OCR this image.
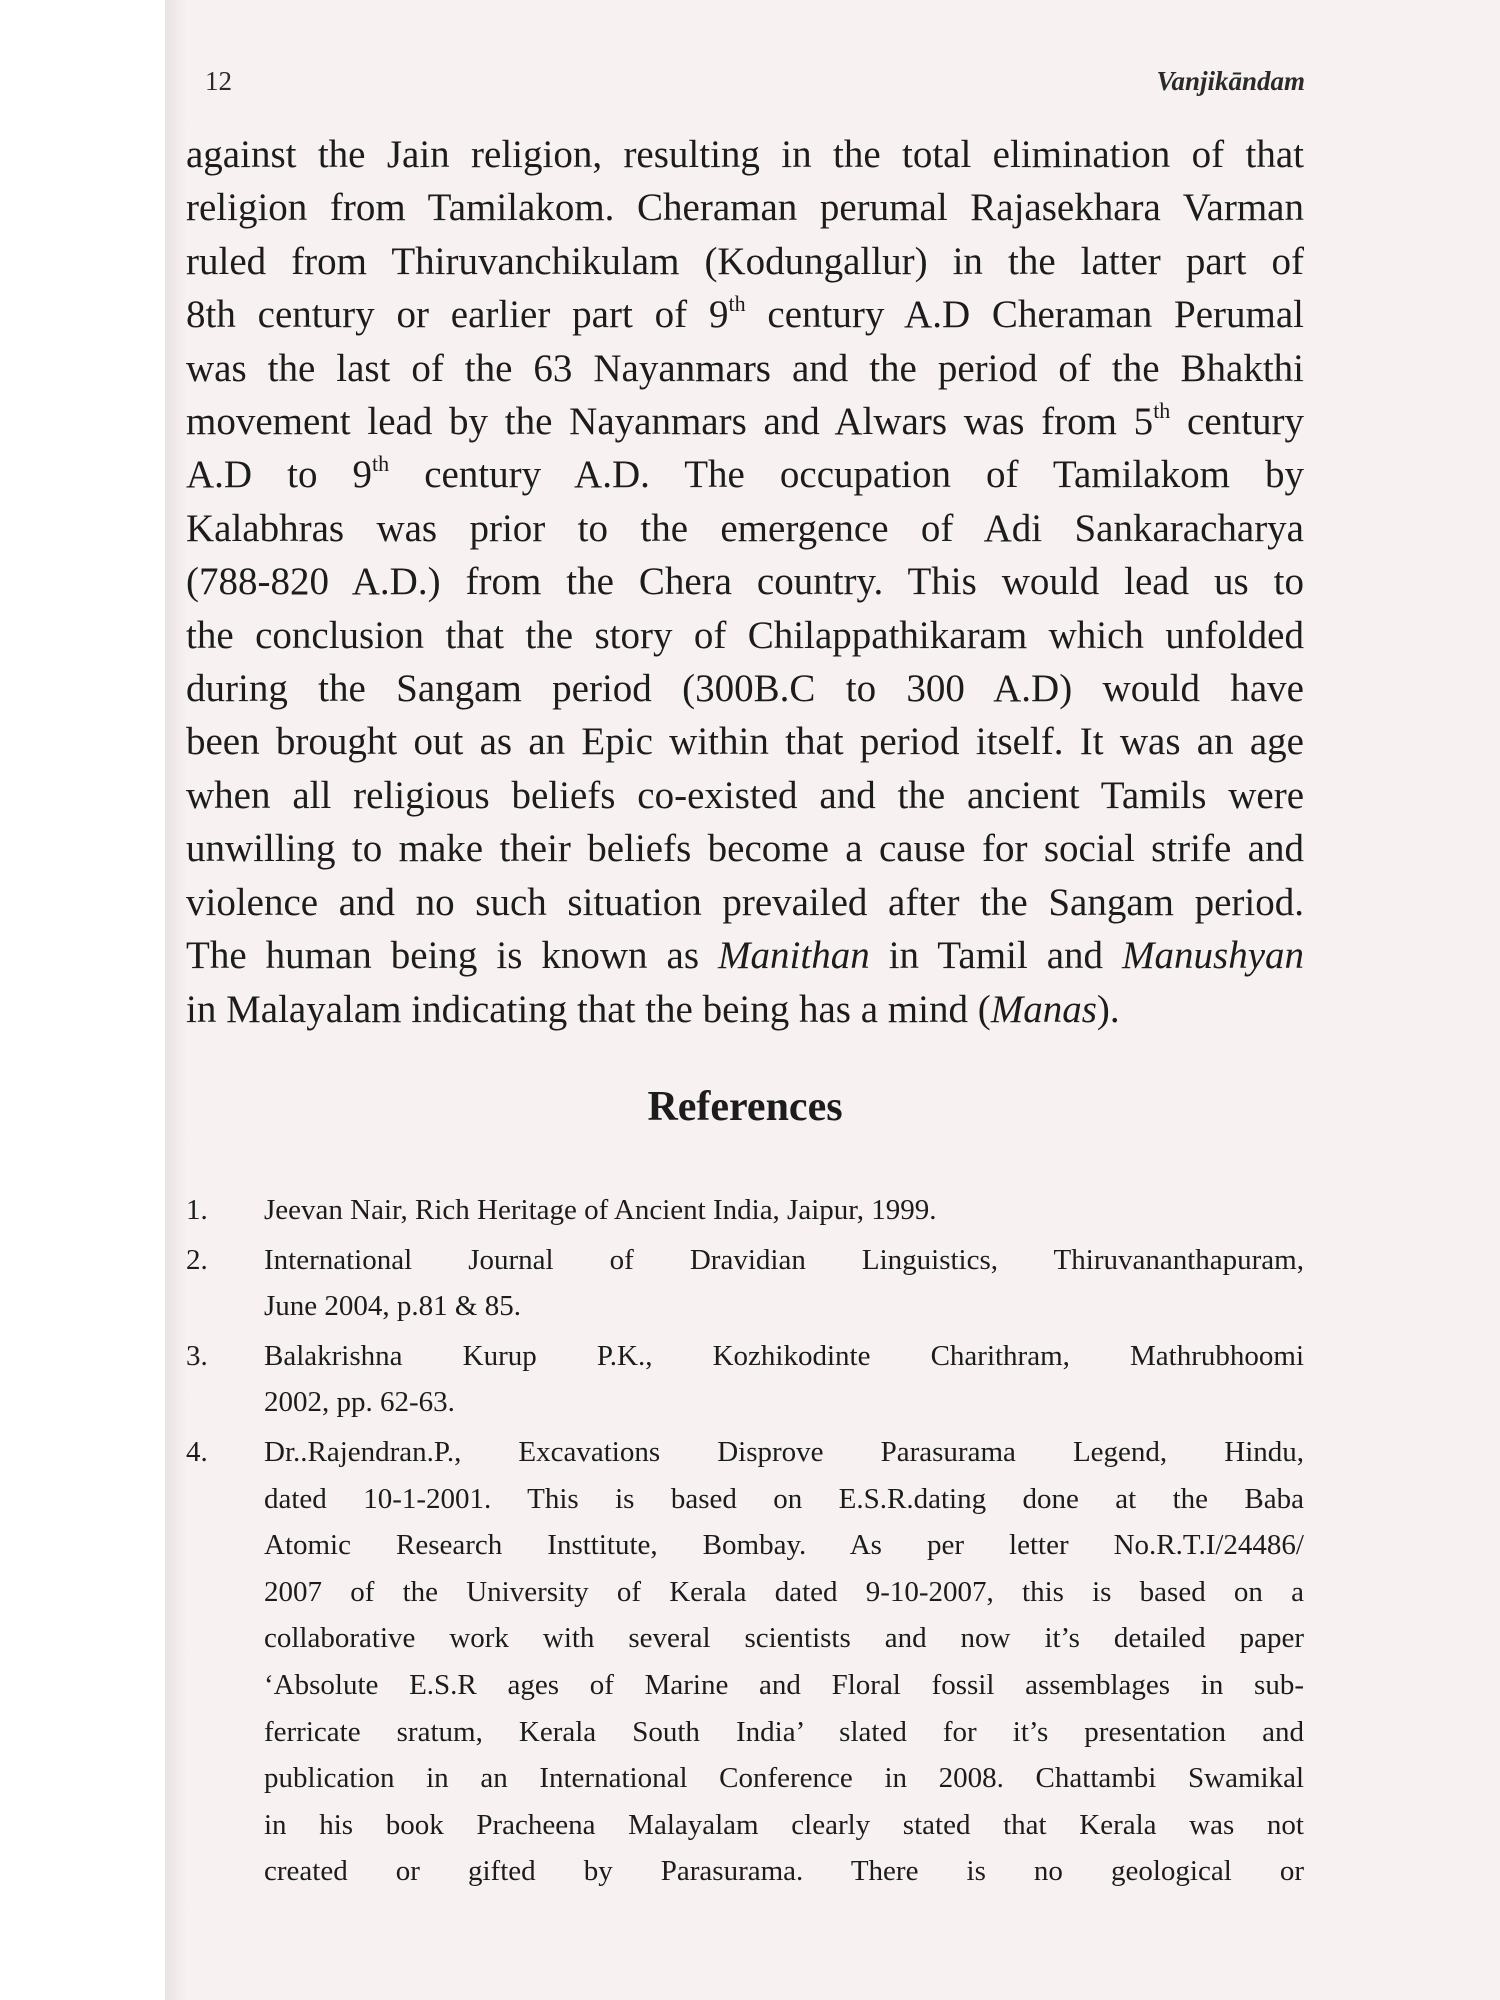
12	Vanjikāndam
against the Jain religion, resulting in the total elimination of that
religion from Tamilakom. Cheraman perumal Rajasekhara Varman
ruled from Thiruvanchikulam (Kodungallur) in the latter part of
8th century or earlier part of 9th century A.D Cheraman Perumal
was the last of the 63 Nayanmars and the period of the Bhakthi
movement lead by the Nayanmars and Alwars was from 5th century
A.D to 9th century A.D. The occupation of Tamilakom by
Kalabhras was prior to the emergence of Adi Sankaracharya
(788-820 A.D.) from the Chera country. This would lead us to
the conclusion that the story of Chilappathikaram which unfolded
during the Sangam period (300B.C to 300 A.D) would have
been brought out as an Epic within that period itself. It was an age
when all religious beliefs co-existed and the ancient Tamils were
unwilling to make their beliefs become a cause for social strife and
violence and no such situation prevailed after the Sangam period.
The human being is known as Manithan in Tamil and Manushyan
in Malayalam indicating that the being has a mind (Manas).
References
1. Jeevan Nair, Rich Heritage of Ancient India, Jaipur, 1999.
2. International Journal of Dravidian Linguistics, Thiruvananthapuram,
June 2004, p.81 & 85.
3. Balakrishna Kurup P.K., Kozhikodinte Charithram, Mathrubhoomi
2002, pp. 62-63.
4. Dr..Rajendran.P., Excavations Disprove Parasurama Legend, Hindu,
dated 10-1-2001. This is based on E.S.R.dating done at the Baba
Atomic Research Insttitute, Bombay. As per letter No.R.T.I/24486/
2007 of the University of Kerala dated 9-10-2007, this is based on a
collaborative work with several scientists and now it’s detailed paper
‘Absolute E.S.R ages of Marine and Floral fossil assemblages in sub-
ferricate sratum, Kerala South India’ slated for it’s presentation and
publication in an International Conference in 2008. Chattambi Swamikal
in his book Pracheena Malayalam clearly stated that Kerala was not
created or gifted by Parasurama. There is no geological or
